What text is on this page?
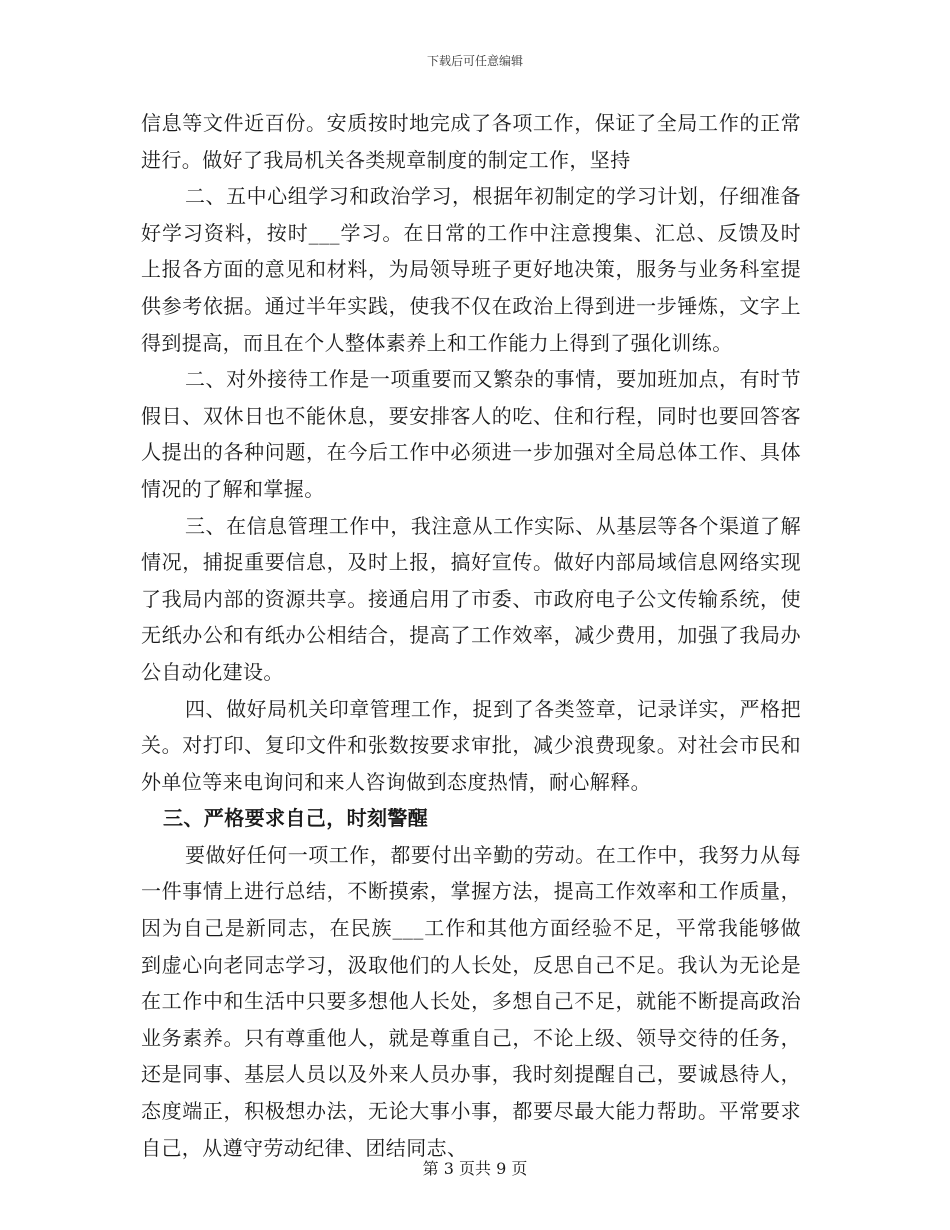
下载后可任意编辑

信息等文件近百份。安质按时地完成了各项工作，保证了全局工作的正常进行。做好了我局机关各类规章制度的制定工作，坚持

二、五中心组学习和政治学习，根据年初制定的学习计划，仔细准备好学习资料，按时___学习。在日常的工作中注意搜集、汇总、反馈及时上报各方面的意见和材料，为局领导班子更好地决策，服务与业务科室提供参考依据。通过半年实践，使我不仅在政治上得到进一步锤炼，文字上得到提高，而且在个人整体素养上和工作能力上得到了强化训练。

二、对外接待工作是一项重要而又繁杂的事情，要加班加点，有时节假日、双休日也不能休息，要安排客人的吃、住和行程，同时也要回答客人提出的各种问题，在今后工作中必须进一步加强对全局总体工作、具体情况的了解和掌握。

三、在信息管理工作中，我注意从工作实际、从基层等各个渠道了解情况，捕捉重要信息，及时上报，搞好宣传。做好内部局域信息网络实现了我局内部的资源共享。接通启用了市委、市政府电子公文传输系统，使无纸办公和有纸办公相结合，提高了工作效率，减少费用，加强了我局办公自动化建设。

四、做好局机关印章管理工作，捉到了各类签章，记录详实，严格把关。对打印、复印文件和张数按要求审批，减少浪费现象。对社会市民和外单位等来电询问和来人咨询做到态度热情，耐心解释。

三、严格要求自己，时刻警醒

要做好任何一项工作，都要付出辛勤的劳动。在工作中，我努力从每一件事情上进行总结，不断摸索，掌握方法，提高工作效率和工作质量，因为自己是新同志，在民族___工作和其他方面经验不足，平常我能够做到虚心向老同志学习，汲取他们的人长处，反思自己不足。我认为无论是在工作中和生活中只要多想他人长处，多想自己不足，就能不断提高政治业务素养。只有尊重他人，就是尊重自己，不论上级、领导交待的任务，还是同事、基层人员以及外来人员办事，我时刻提醒自己，要诚恳待人，态度端正，积极想办法，无论大事小事，都要尽最大能力帮助。平常要求自己，从遵守劳动纪律、团结同志、

第 3 页共 9 页
